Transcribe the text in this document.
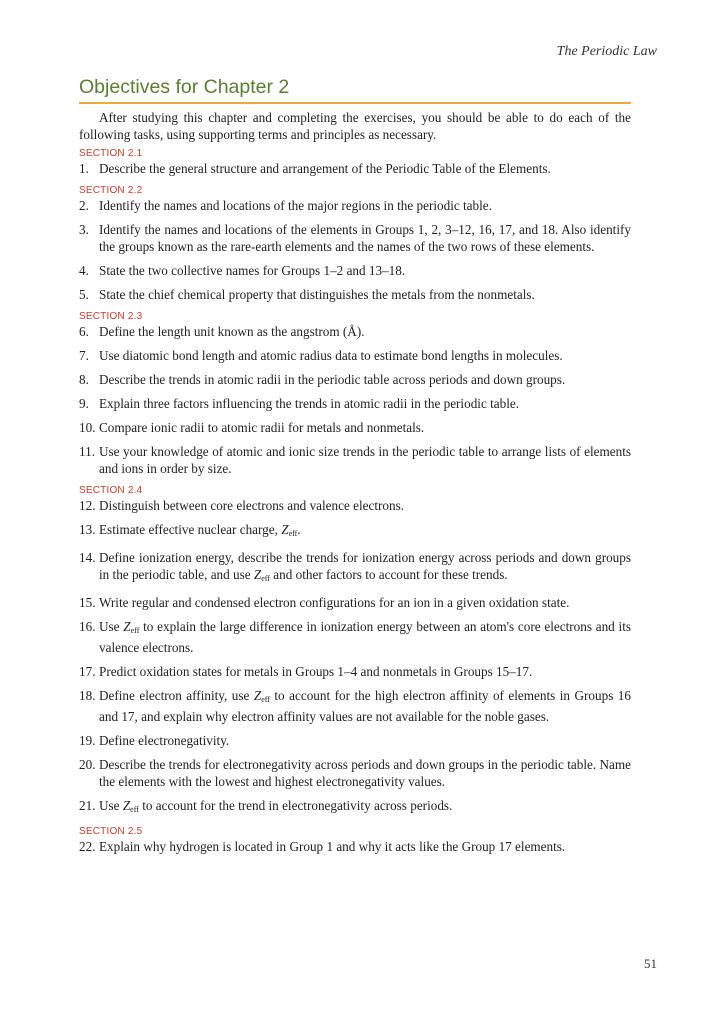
The Periodic Law
Objectives for Chapter 2

After studying this chapter and completing the exercises, you should be able to do each of the following tasks, using supporting terms and principles as necessary.

SECTION 2.1
1. Describe the general structure and arrangement of the Periodic Table of the Elements.
SECTION 2.2
2. Identify the names and locations of the major regions in the periodic table.
3. Identify the names and locations of the elements in Groups 1, 2, 3–12, 16, 17, and 18. Also identify the groups known as the rare-earth elements and the names of the two rows of these elements.
4. State the two collective names for Groups 1–2 and 13–18.
5. State the chief chemical property that distinguishes the metals from the nonmetals.
SECTION 2.3
6. Define the length unit known as the angstrom (Å).
7. Use diatomic bond length and atomic radius data to estimate bond lengths in molecules.
8. Describe the trends in atomic radii in the periodic table across periods and down groups.
9. Explain three factors influencing the trends in atomic radii in the periodic table.
10. Compare ionic radii to atomic radii for metals and nonmetals.
11. Use your knowledge of atomic and ionic size trends in the periodic table to arrange lists of elements and ions in order by size.
SECTION 2.4
12. Distinguish between core electrons and valence electrons.
13. Estimate effective nuclear charge, $Z_{eff}$.
14. Define ionization energy, describe the trends for ionization energy across periods and down groups in the periodic table, and use $Z_{eff}$ and other factors to account for these trends.
15. Write regular and condensed electron configurations for an ion in a given oxidation state.
16. Use $Z_{eff}$ to explain the large difference in ionization energy between an atom's core electrons and its valence electrons.
17. Predict oxidation states for metals in Groups 1–4 and nonmetals in Groups 15–17.
18. Define electron affinity, use $Z_{eff}$ to account for the high electron affinity of elements in Groups 16 and 17, and explain why electron affinity values are not available for the noble gases.
19. Define electronegativity.
20. Describe the trends for electronegativity across periods and down groups in the periodic table. Name the elements with the lowest and highest electronegativity values.
21. Use $Z_{eff}$ to account for the trend in electronegativity across periods.
SECTION 2.5
22. Explain why hydrogen is located in Group 1 and why it acts like the Group 17 elements.
51
